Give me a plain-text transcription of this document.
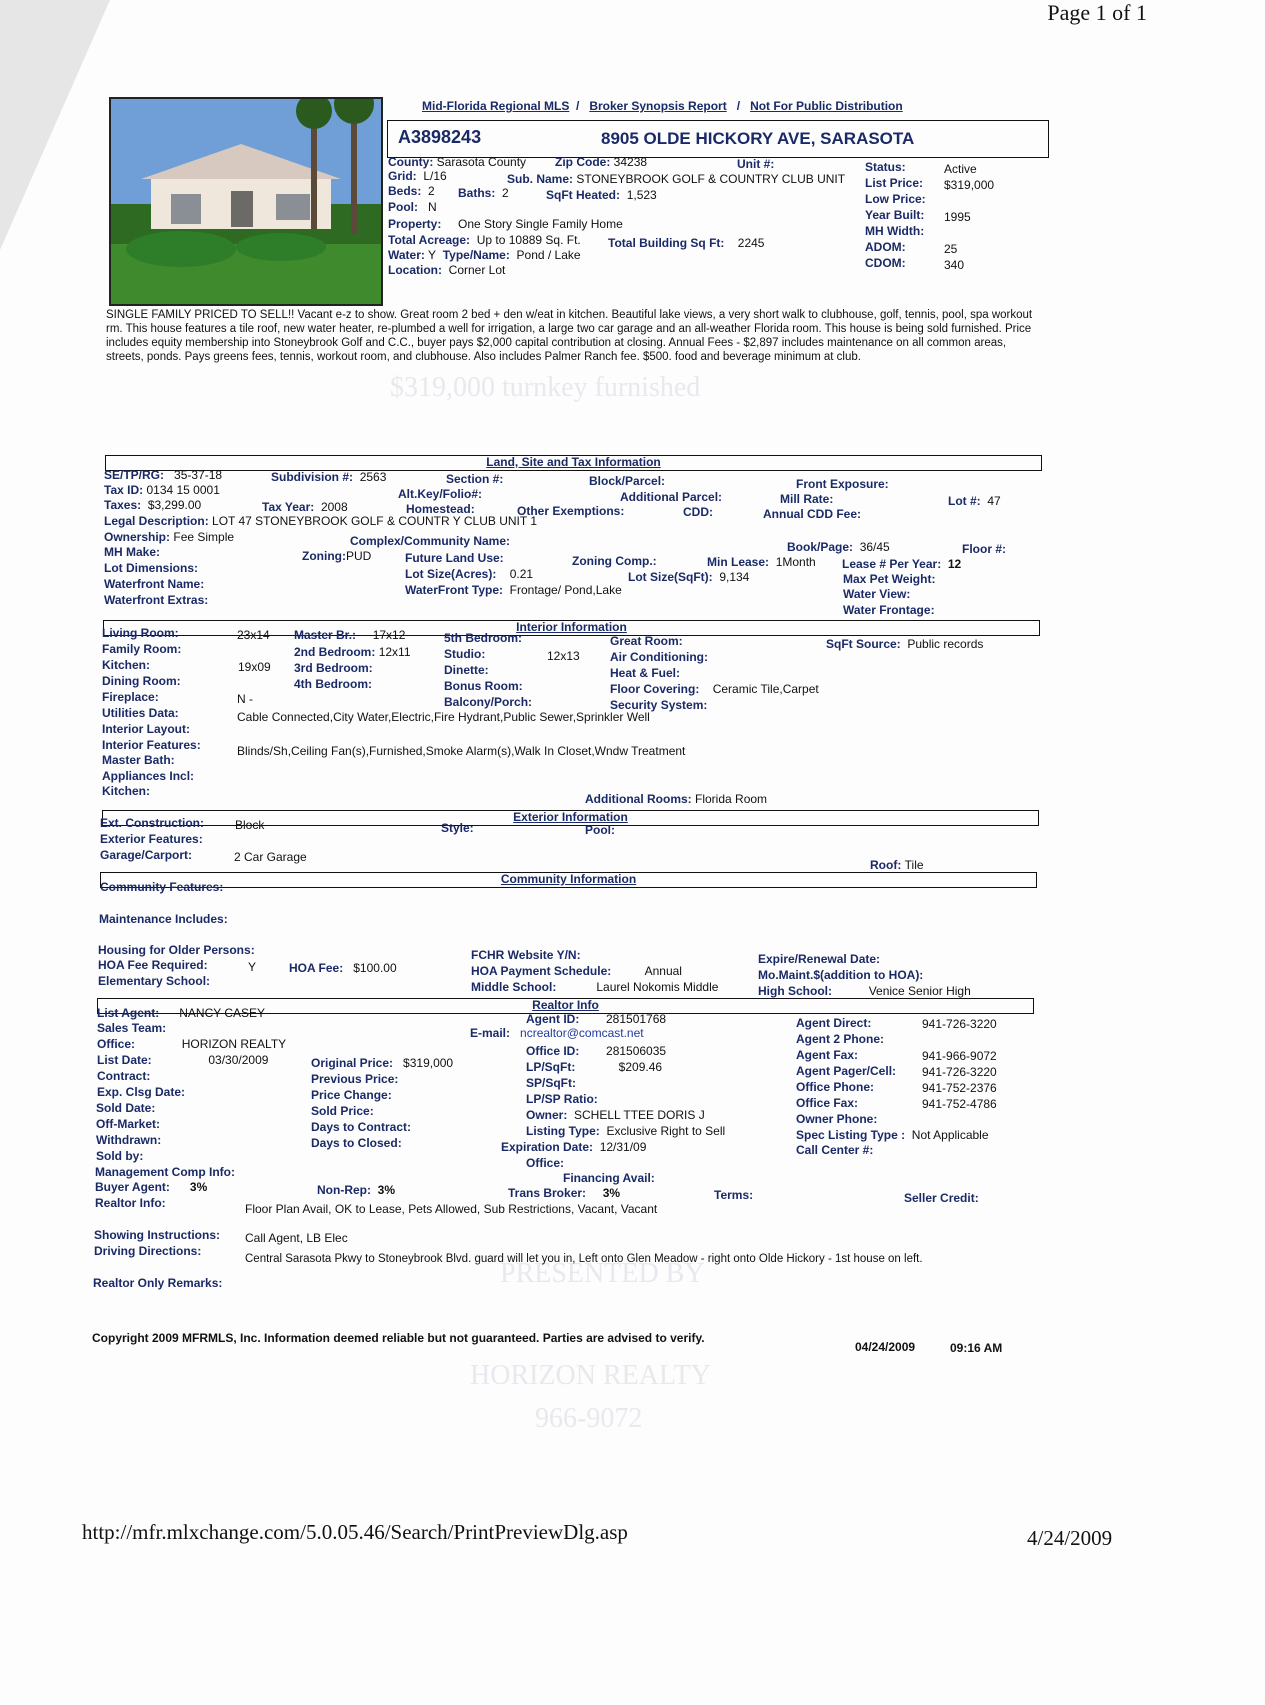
Page 1 of 1
$319,000 turnkey furnished
PRESENTED BY
HORIZON REALTY
966-9072
Mid-Florida Regional MLS  /   Broker Synopsis Report   /   Not For Public Distribution
A3898243	8905 OLDE HICKORY AVE, SARASOTA
County: Sarasota County Zip Code: 34238	Unit #:
Grid: L/16	Sub. Name: STONEYBROOK GOLF & COUNTRY CLUB UNIT
Beds: 2 Baths: 2	SqFt Heated: 1,523
Pool: N
Property: One Story Single Family Home
Total Acreage: Up to 10889 Sq. Ft. Total Building Sq Ft: 2245
Water: Y Type/Name: Pond / Lake
Location: Corner Lot
Status:	Active
List Price: $319,000
Low Price:
Year Built: 1995
MH Width:
ADOM:	25
CDOM:	340
SINGLE FAMILY PRICED TO SELL!! Vacant e-z to show. Great room 2 bed + den w/eat in kitchen. Beautiful lake views, a very short walk to clubhouse, golf, tennis, pool, spa workout rm. This house features a tile roof, new water heater, re-plumbed a well for irrigation, a large two car garage and an all-weather Florida room. This house is being sold furnished. Price includes equity membership into Stoneybrook Golf and C.C., buyer pays $2,000 capital contribution at closing. Annual Fees - $2,897 includes maintenance on all common areas, streets, ponds. Pays greens fees, tennis, workout room, and clubhouse. Also includes Palmer Ranch fee. $500. food and beverage minimum at club.
Land, Site and Tax Information
SE/TP/RG: 35-37-18	Subdivision #: 2563	Section #:	Block/Parcel:	Front Exposure:
Tax ID: 0134 15 0001	Alt.Key/Folio#:	Additional Parcel:	Mill Rate:	Lot #: 47
Taxes: $3,299.00	Tax Year: 2008	Homestead:	Other Exemptions:	CDD:	Annual CDD Fee:
Legal Description: LOT 47 STONEYBROOK GOLF & COUNTR Y CLUB UNIT 1
Ownership: Fee Simple	Complex/Community Name:	Book/Page: 36/45	Floor #:
MH Make:	Zoning:PUD	Future Land Use:	Zoning Comp.:	Min Lease: 1Month Lease # Per Year: 12
Lot Dimensions:	Lot Size(Acres): 0.21	Lot Size(SqFt): 9,134	Max Pet Weight:
Waterfront Name:	WaterFront Type: Frontage/ Pond,Lake	Water View:
Waterfront Extras:
Water Frontage:
Interior Information
Living Room:	23x14 Master Br.: 17x12	5th Bedroom:	Great Room:	SqFt Source: Public records
Family Room:	2nd Bedroom: 12x11	Studio:	12x13	Air Conditioning:
Kitchen:	19x09 3rd Bedroom:	Dinette:	Heat & Fuel:
Dining Room:	4th Bedroom:	Bonus Room:	Floor Covering: Ceramic Tile,Carpet
Fireplace:	N -	Balcony/Porch:	Security System:
Utilities Data:	Cable Connected,City Water,Electric,Fire Hydrant,Public Sewer,Sprinkler Well
Interior Layout:
Interior Features:	Blinds/Sh,Ceiling Fan(s),Furnished,Smoke Alarm(s),Walk In Closet,Wndw Treatment
Master Bath:
Appliances Incl:
Kitchen:
Additional Rooms: Florida Room
Exterior Information
Ext. Construction:	Block	Style:	Pool:
Exterior Features:
Garage/Carport:	2 Car Garage
Roof: Tile
Community Information
Community Features:
Maintenance Includes:
Housing for Older Persons:	FCHR Website Y/N:	Expire/Renewal Date:
HOA Fee Required:	Y	HOA Fee: $100.00	HOA Payment Schedule:	Annual	Mo.Maint.$(addition to HOA):
Elementary School:	Middle School:	Laurel Nokomis Middle	High School:	Venice Senior High
Realtor Info
List Agent: NANCY CASEY	Agent ID: 281501768	Agent Direct:	941-726-3220
Sales Team:	E-mail: ncrealtor@comcast.net	Agent 2 Phone:
Office:	HORIZON REALTY	Office ID: 281506035	Agent Fax:	941-966-9072
List Date:	03/30/2009	Original Price: $319,000	LP/SqFt:	$209.46	Agent Pager/Cell: 941-726-3220
Contract:	Previous Price:	SP/SqFt:	Office Phone:	941-752-2376
Exp. Clsg Date:	Price Change:	LP/SP Ratio:	Office Fax:	941-752-4786
Sold Date:	Sold Price:	Owner: SCHELL TTEE DORIS J	Owner Phone:
Off-Market:	Days to Contract:	Listing Type: Exclusive Right to Sell	Spec Listing Type : Not Applicable
Withdrawn:	Days to Closed:	Expiration Date: 12/31/09	Call Center #:
Sold by:	Office:
Management Comp Info:	Financing Avail:
Buyer Agent: 3%	Non-Rep: 3%	Trans Broker: 3%	Terms:	Seller Credit:
Realtor Info:	Floor Plan Avail, OK to Lease, Pets Allowed, Sub Restrictions, Vacant, Vacant
Showing Instructions: Call Agent, LB Elec
Driving Directions:
Central Sarasota Pkwy to Stoneybrook Blvd. guard will let you in, Left onto Glen Meadow - right onto Olde Hickory - 1st house on left.
Realtor Only Remarks:
Copyright 2009 MFRMLS, Inc. Information deemed reliable but not guaranteed. Parties are advised to verify.
04/24/2009	09:16 AM
http://mfr.mlxchange.com/5.0.05.46/Search/PrintPreviewDlg.asp	4/24/2009
